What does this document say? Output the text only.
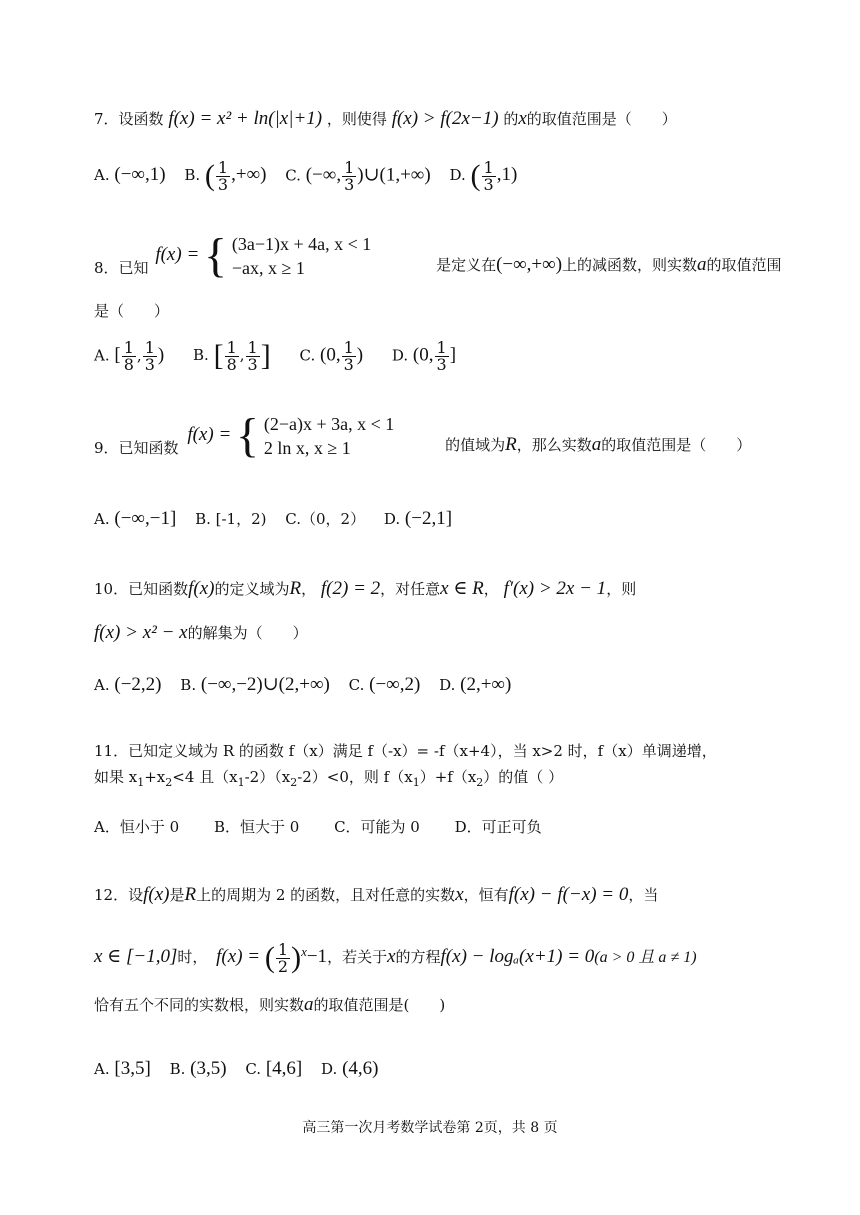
7．设函数 f(x) = x² + ln(|x|+1) ，则使得 f(x) > f(2x−1) 的x的取值范围是（　　）
A. (−∞,1) B. ( $\frac{1}{3}$ ,+∞) C. (−∞, $\frac{1}{3}$ )∪(1,+∞) D. ( $\frac{1}{3} ,1$)
8．已知 f(x) = { (3a−1)x + 4a, x < 1
−ax, x ≥ 1	是定义在(−∞,+∞)上的减函数，则实数a的取值范围
是（　　）
A. [ $\frac{1}{8}$ , $\frac{1}{3}$ ) B. [ $\frac{1}{8}$ , $\frac{1}{3}$ ] C. (0, $\frac{1}{3}$ ) D. (0, $\frac{1}{3}$ ]
9．已知函数 f(x) = { (2−a)x + 3a, x < 1
2 ln x, x ≥ 1	的值域为R，那么实数a的取值范围是（　　）
A. (−∞,−1] B. [-1，2) C.（0，2） D. (−2,1]
10．已知函数f(x)的定义域为R， f(2) = 2，对任意x ∈ R， f′(x) > 2x − 1，则
f(x) > x² − x的解集为（　　）
A. (−2,2) B. (−∞,−2)∪(2,+∞) C. (−∞,2) D. (2,+∞)
11．已知定义域为 R 的函数 f（x）满足 f（-x）= -f（x+4），当 x>2 时，f（x）单调递增，
如果 $x_1+x_2<4$ 且$(x_1-2)(x_2-2)<0$，则 $f(x_1)+f(x_2)$的值（ ）
A．恒小于 0 B．恒大于 0 C．可能为 0 D．可正可负
12．设f(x)是R上的周期为 2 的函数，且对任意的实数x，恒有f(x) − f(−x) = 0，当
x ∈ [−1,0]时， f(x) = ( $\frac{1}{2} )x-1$，若关于x的方程f(x) − logₐ(x+1) = 0(a > 0 且 a ≠ 1)
恰有五个不同的实数根，则实数a的取值范围是(　　)
A. [3,5] B. (3,5) C. [4,6] D. (4,6)
高三第一次月考数学试卷第 2页，共 8 页
